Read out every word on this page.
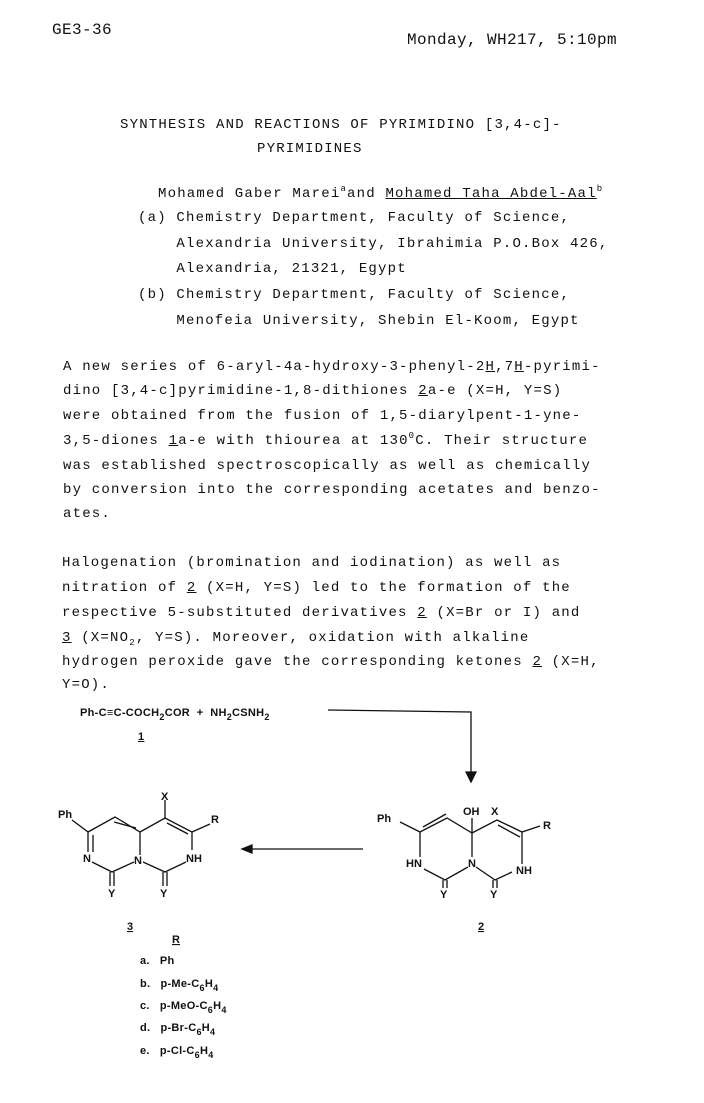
GE3-36
Monday, WH217, 5:10pm
SYNTHESIS AND REACTIONS OF PYRIMIDINO [3,4-c]-
PYRIMIDINES
Mohamed Gaber Marei$^a$and Mohamed Taha Abdel-Aal$^b$
(a) Chemistry Department, Faculty of Science,
Alexandria University, Ibrahimia P.O.Box 426,
Alexandria, 21321, Egypt
(b) Chemistry Department, Faculty of Science,
Menofeia University, Shebin El-Koom, Egypt
A new series of 6-aryl-4a-hydroxy-3-phenyl-2H,7H-pyrimi-
dino [3,4-c]pyrimidine-1,8-dithiones 2a-e (X=H, Y=S)
were obtained from the fusion of 1,5-diarylpent-1-yne-
3,5-diones 1a-e with thiourea at $130^0C$. Their structure
was established spectroscopically as well as chemically
by conversion into the corresponding acetates and benzo-
ates.
Halogenation (bromination and iodination) as well as
nitration of 2 (X=H, Y=S) led to the formation of the
respective 5-substituted derivatives 2 (X=Br or I) and
3 ($X=NO_2$, Y=S). Moreover, oxidation with alkaline
hydrogen peroxide gave the corresponding ketones 2 (X=H,
Y=O).
$Ph-C\equiv C-COCH_2COR$  +  $NH_2CSNH_2$
1
Ph
X
R
N	N	NH
Y	Y
Ph
OH X
R
HN	N
NH
Y	Y
3	2
R
a.   Ph
b.   $p-Me-C_6H_4$
c.   $p-MeO-C_6H_4$
d.   $p-Br-C_6H_4$
e.   $p-Cl-C_6H_4$
